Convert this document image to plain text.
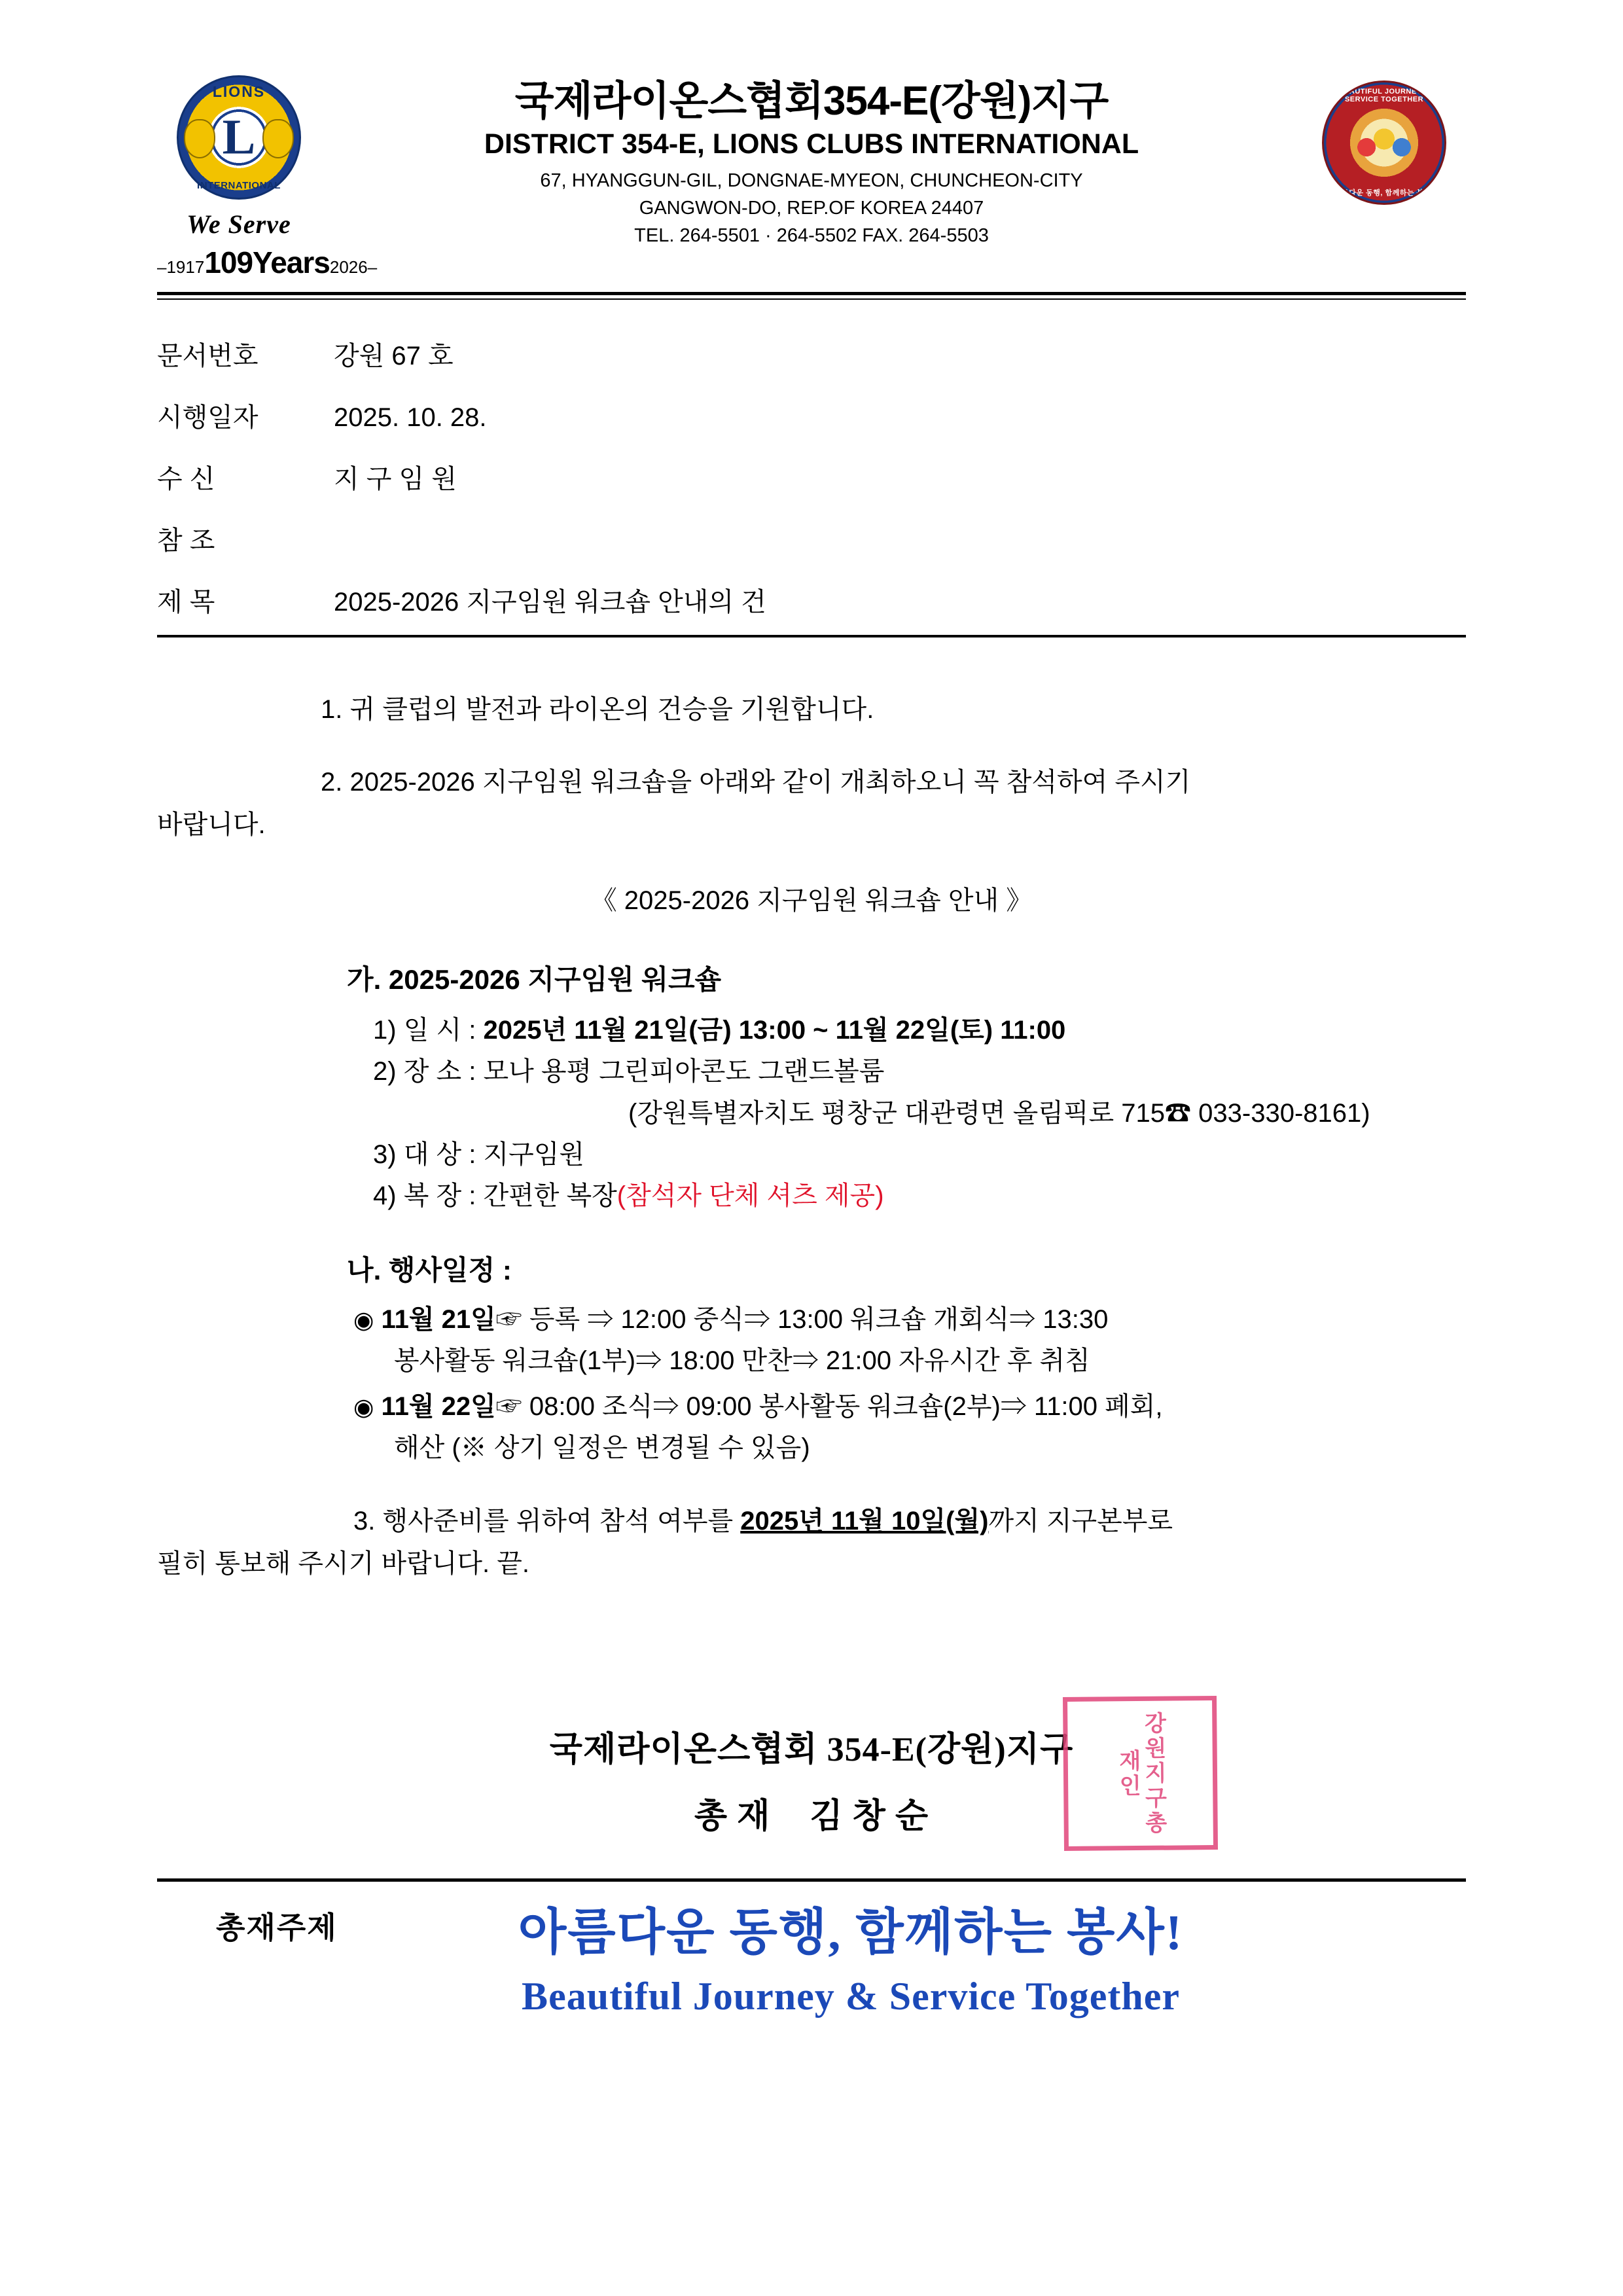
LIONS
L
INTERNATIONAL
We Serve
–1917109Years2026–
국제라이온스협회354-E(강원)지구
DISTRICT 354-E, LIONS CLUBS INTERNATIONAL
67, HYANGGUN-GIL, DONGNAE-MYEON, CHUNCHEON-CITY
GANGWON-DO, REP.OF KOREA 24407
TEL. 264-5501 · 264-5502 FAX. 264-5503
BEAUTIFUL JOURNEY & SERVICE TOGETHER
아름다운 동행, 함께하는 봉사!
문서번호	강원 67 호
시행일자	2025. 10. 28.
수 신	지 구 임 원
참 조
제 목	2025-2026 지구임원 워크숍 안내의 건

1. 귀 클럽의 발전과 라이온의 건승을 기원합니다.

2. 2025-2026 지구임원 워크숍을 아래와 같이 개최하오니 꼭 참석하여 주시기
바랍니다.

《 2025-2026 지구임원 워크숍 안내 》
가. 2025-2026 지구임원 워크숍
1) 일 시 : 2025년 11월 21일(금) 13:00 ~ 11월 22일(토) 11:00
2) 장 소 : 모나 용평 그린피아콘도 그랜드볼룸
(강원특별자치도 평창군 대관령면 올림픽로 715☎ 033-330-8161)
3) 대 상 : 지구임원
4) 복 장 : 간편한 복장(참석자 단체 셔츠 제공)
나. 행사일정 :
◉ 11월 21일☞ 등록 ⇒ 12:00 중식⇒ 13:00 워크숍 개회식⇒ 13:30
봉사활동 워크숍(1부)⇒ 18:00 만찬⇒ 21:00 자유시간 후 취침
◉ 11월 22일☞ 08:00 조식⇒ 09:00 봉사활동 워크숍(2부)⇒ 11:00 폐회,
해산 (※ 상기 일정은 변경될 수 있음)
3. 행사준비를 위하여 참석 여부를 2025년 11월 10일(월)까지 지구본부로
필히 통보해 주시기 바랍니다. 끝.
국제라이온스협회 354-E(강원)지구
총 재 김 창 순	강원지구총재인
총재주제	아름다운 동행, 함께하는 봉사!
Beautiful Journey & Service Together
